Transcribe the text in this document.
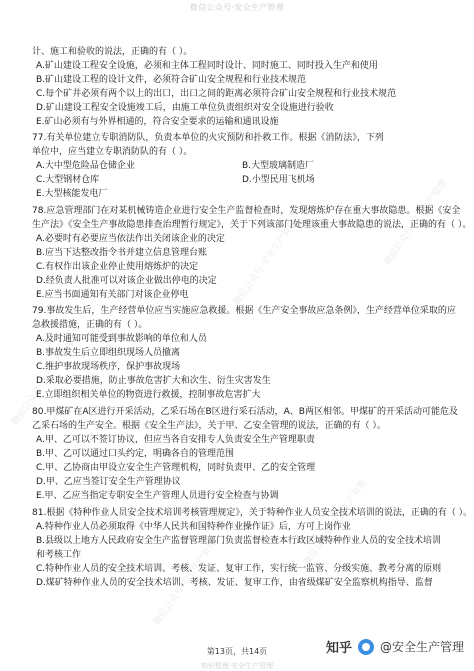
微信公众号·安全生产管理
微信公众号·安全生产管理
微信公众号·安全生产管理
微信公众号·安全生产管理
微信公众号·安全生产管理
微信公众号·安全生产管理

计、施工和验收的说法，正确的有（ ）。

A.矿山建设工程安全设施，必须和主体工程同时设计、同时施工、同时投入生产和使用

B.矿山建设工程的设计文件，必须符合矿山安全规程和行业技术规范

C.每个矿井必须有两个以上的出口，出口之间的距离必须符合矿山安全规程和行业技术规范

D.矿山建设工程安全设施竣工后，由施工单位负责组织对安全设施进行验收

E.矿山必须有与外界相通的，符合安全要求的运输和通讯设施

77.有关单位建立专职消防队，负责本单位的火灾预防和扑救工作。根据《消防法》，下列

单位中，应当建立专职消防队的有（ ）。

A.大中型危险品仓储企业	B.大型玻璃制造厂

C.大型钢材仓库	D.小型民用飞机场

E.大型核能发电厂

78.应急管理部门在对某机械铸造企业进行安全生产监督检查时，发现熔炼炉存在重大事故隐患。根据《安全

生产法》《安全生产事故隐患排查治理暂行规定》，关于下列该部门处理该重大事故隐患的说法，正确的有（ ）。

A.必要时有必要应当依法作出关闭该企业的决定

B.应当下达整改指令书并建立信息管理台账

C.有权作出该企业停止使用熔炼炉的决定

D.经负责人批准可以对该企业做出停电的决定

E.应当书面通知有关部门对该企业停电

79.事故发生后，生产经营单位应当实施应急救援。根据《生产安全事故应急条例》，生产经营单位采取的应

急救援措施，正确的有（ ）。

A.及时通知可能受到事故影响的单位和人员

B.事故发生后立即组织现场人员撤离

C.维护事故现场秩序，保护事故现场

D.采取必要措施，防止事故危害扩大和次生、衍生灾害发生

E.立即组织相关单位的物资进行救援，控制事故危害扩大

80.甲煤矿在A区进行开采活动，乙采石场在B区进行采石活动，A、B两区相邻。甲煤矿的开采活动可能危及

乙采石场的生产安全。根据《安全生产法》，关于甲、乙安全管理的说法，正确的有（ ）。

A.甲、乙可以不签订协议，但应当各自安排专人负责安全生产管理职责

B.甲、乙可以通过口头约定，明确各自的管理范围

C.甲、乙协商由甲设立安全生产管理机构，同时负责甲、乙的安全管理

D.甲、乙应当签订安全生产管理协议

E.甲、乙应当指定专职安全生产管理人员进行安全检查与协调

81.根据《特种作业人员安全技术培训考核管理规定》，关于特种作业人员安全技术培训的说法，正确的有（ ）。

A.特种作业人员必须取得《中华人民共和国特种作业操作证》后，方可上岗作业

B.县级以上地方人民政府安全生产监督管理部门负责监督检查本行政区域特种作业人员的安全技术培训和考核工作

C.特种作业人员的安全技术培训、考核、发证、复审工作，实行统一监管、分级实施、教考分离的原则

D.煤矿特种作业人员的安全技术培训、考核、发证、复审工作，由省级煤矿安全监察机构指导、监督

第13页，共14页	知乎 @安全生产管理
知识整理·安全生产管理
